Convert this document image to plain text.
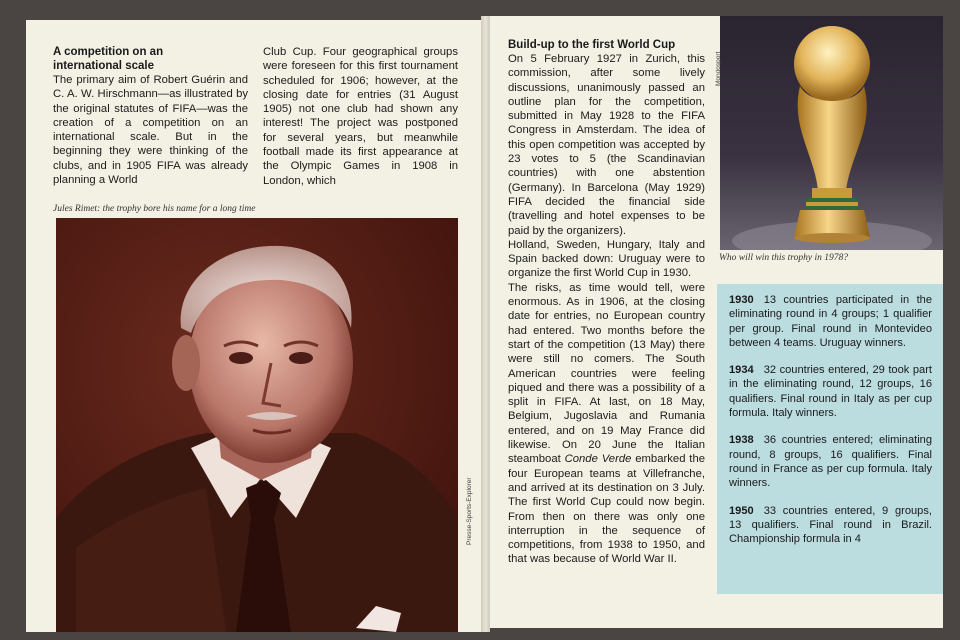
A competition on an international scale

The primary aim of Robert Guérin and C. A. W. Hirschmann—as illustrated by the original statutes of FIFA—was the creation of a competition on an international scale. But in the beginning they were thinking of the clubs, and in 1905 FIFA was already planning a World

Club Cup. Four geographical groups were foreseen for this first tournament scheduled for 1906; however, at the closing date for entries (31 August 1905) not one club had shown any interest! The project was postponed for several years, but meanwhile football made its first appearance at the Olympic Games in 1908 in London, which

Jules Rimet: the trophy bore his name for a long time
Presse-Sports-Explorer
Build-up to the first World Cup

On 5 February 1927 in Zurich, this commission, after some lively discussions, unanimously passed an outline plan for the competition, submitted in May 1928 to the FIFA Congress in Amsterdam. The idea of this open competition was accepted by 23 votes to 5 (the Scandinavian countries) with one abstention (Germany). In Barcelona (May 1929) FIFA decided the financial side (travelling and hotel expenses to be paid by the organizers).

Holland, Sweden, Hungary, Italy and Spain backed down: Uruguay were to organize the first World Cup in 1930.

The risks, as time would tell, were enormous. As in 1906, at the closing date for entries, no European country had entered. Two months before the start of the competition (13 May) there were still no comers. The South American countries were feeling piqued and there was a possibility of a split in FIFA. At last, on 18 May, Belgium, Jugoslavia and Rumania entered, and on 19 May France did likewise. On 20 June the Italian steamboat Conde Verde embarked the four European teams at Villefranche, and arrived at its destination on 3 July. The first World Cup could now begin. From then on there was only one interruption in the sequence of competitions, from 1938 to 1950, and that was because of World War II.

Mondosport
Who will win this trophy in 1978?

1930 13 countries participated in the eliminating round in 4 groups; 1 qualifier per group. Final round in Montevideo between 4 teams. Uruguay winners.

1934 32 countries entered, 29 took part in the eliminating round, 12 groups, 16 qualifiers. Final round in Italy as per cup formula. Italy winners.

1938 36 countries entered; eliminating round, 8 groups, 16 qualifiers. Final round in France as per cup formula. Italy winners.

1950 33 countries entered, 9 groups, 13 qualifiers. Final round in Brazil. Championship formula in 4
